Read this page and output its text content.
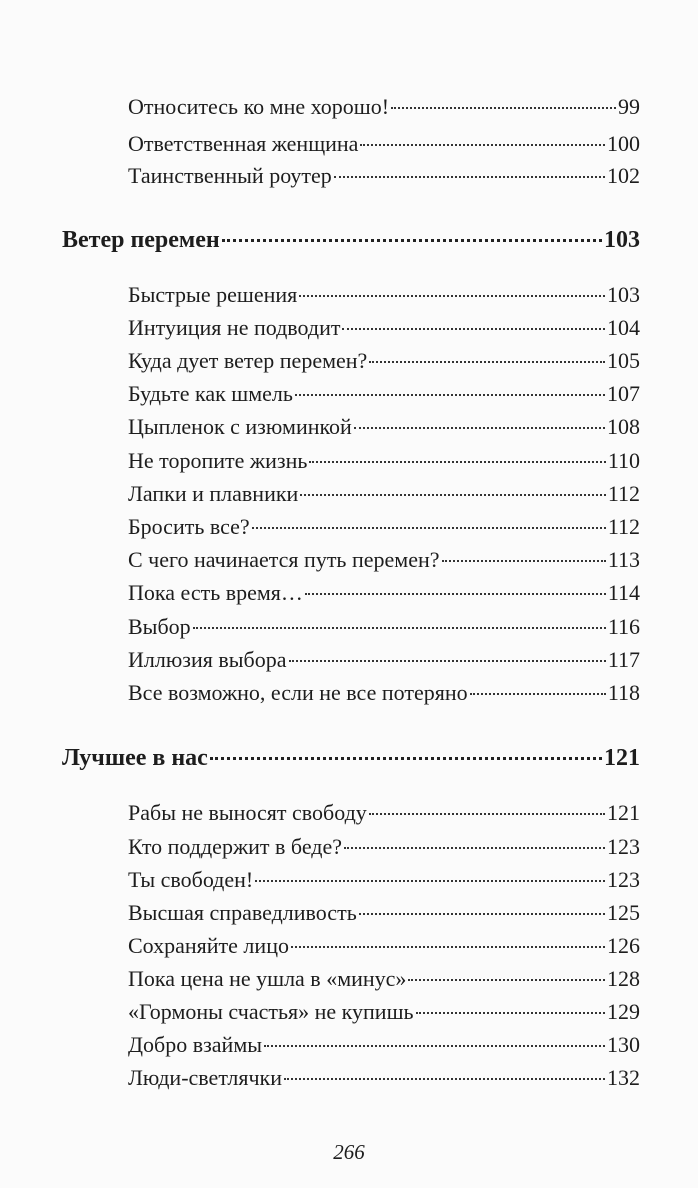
Относитесь ко мне хорошо!	99
Ответственная женщина	100
Таинственный роутер	102
Ветер перемен	103
Быстрые решения	103
Интуиция не подводит	104
Куда дует ветер перемен?	105
Будьте как шмель	107
Цыпленок с изюминкой	108
Не торопите жизнь	110
Лапки и плавники	112
Бросить все?	112
С чего начинается путь перемен?	113
Пока есть время…	114
Выбор	116
Иллюзия выбора	117
Все возможно, если не все потеряно	118
Лучшее в нас	121
Рабы не выносят свободу	121
Кто поддержит в беде?	123
Ты свободен!	123
Высшая справедливость	125
Сохраняйте лицо	126
Пока цена не ушла в «минус»	128
«Гормоны счастья» не купишь	129
Добро взаймы	130
Люди-светлячки	132
266
